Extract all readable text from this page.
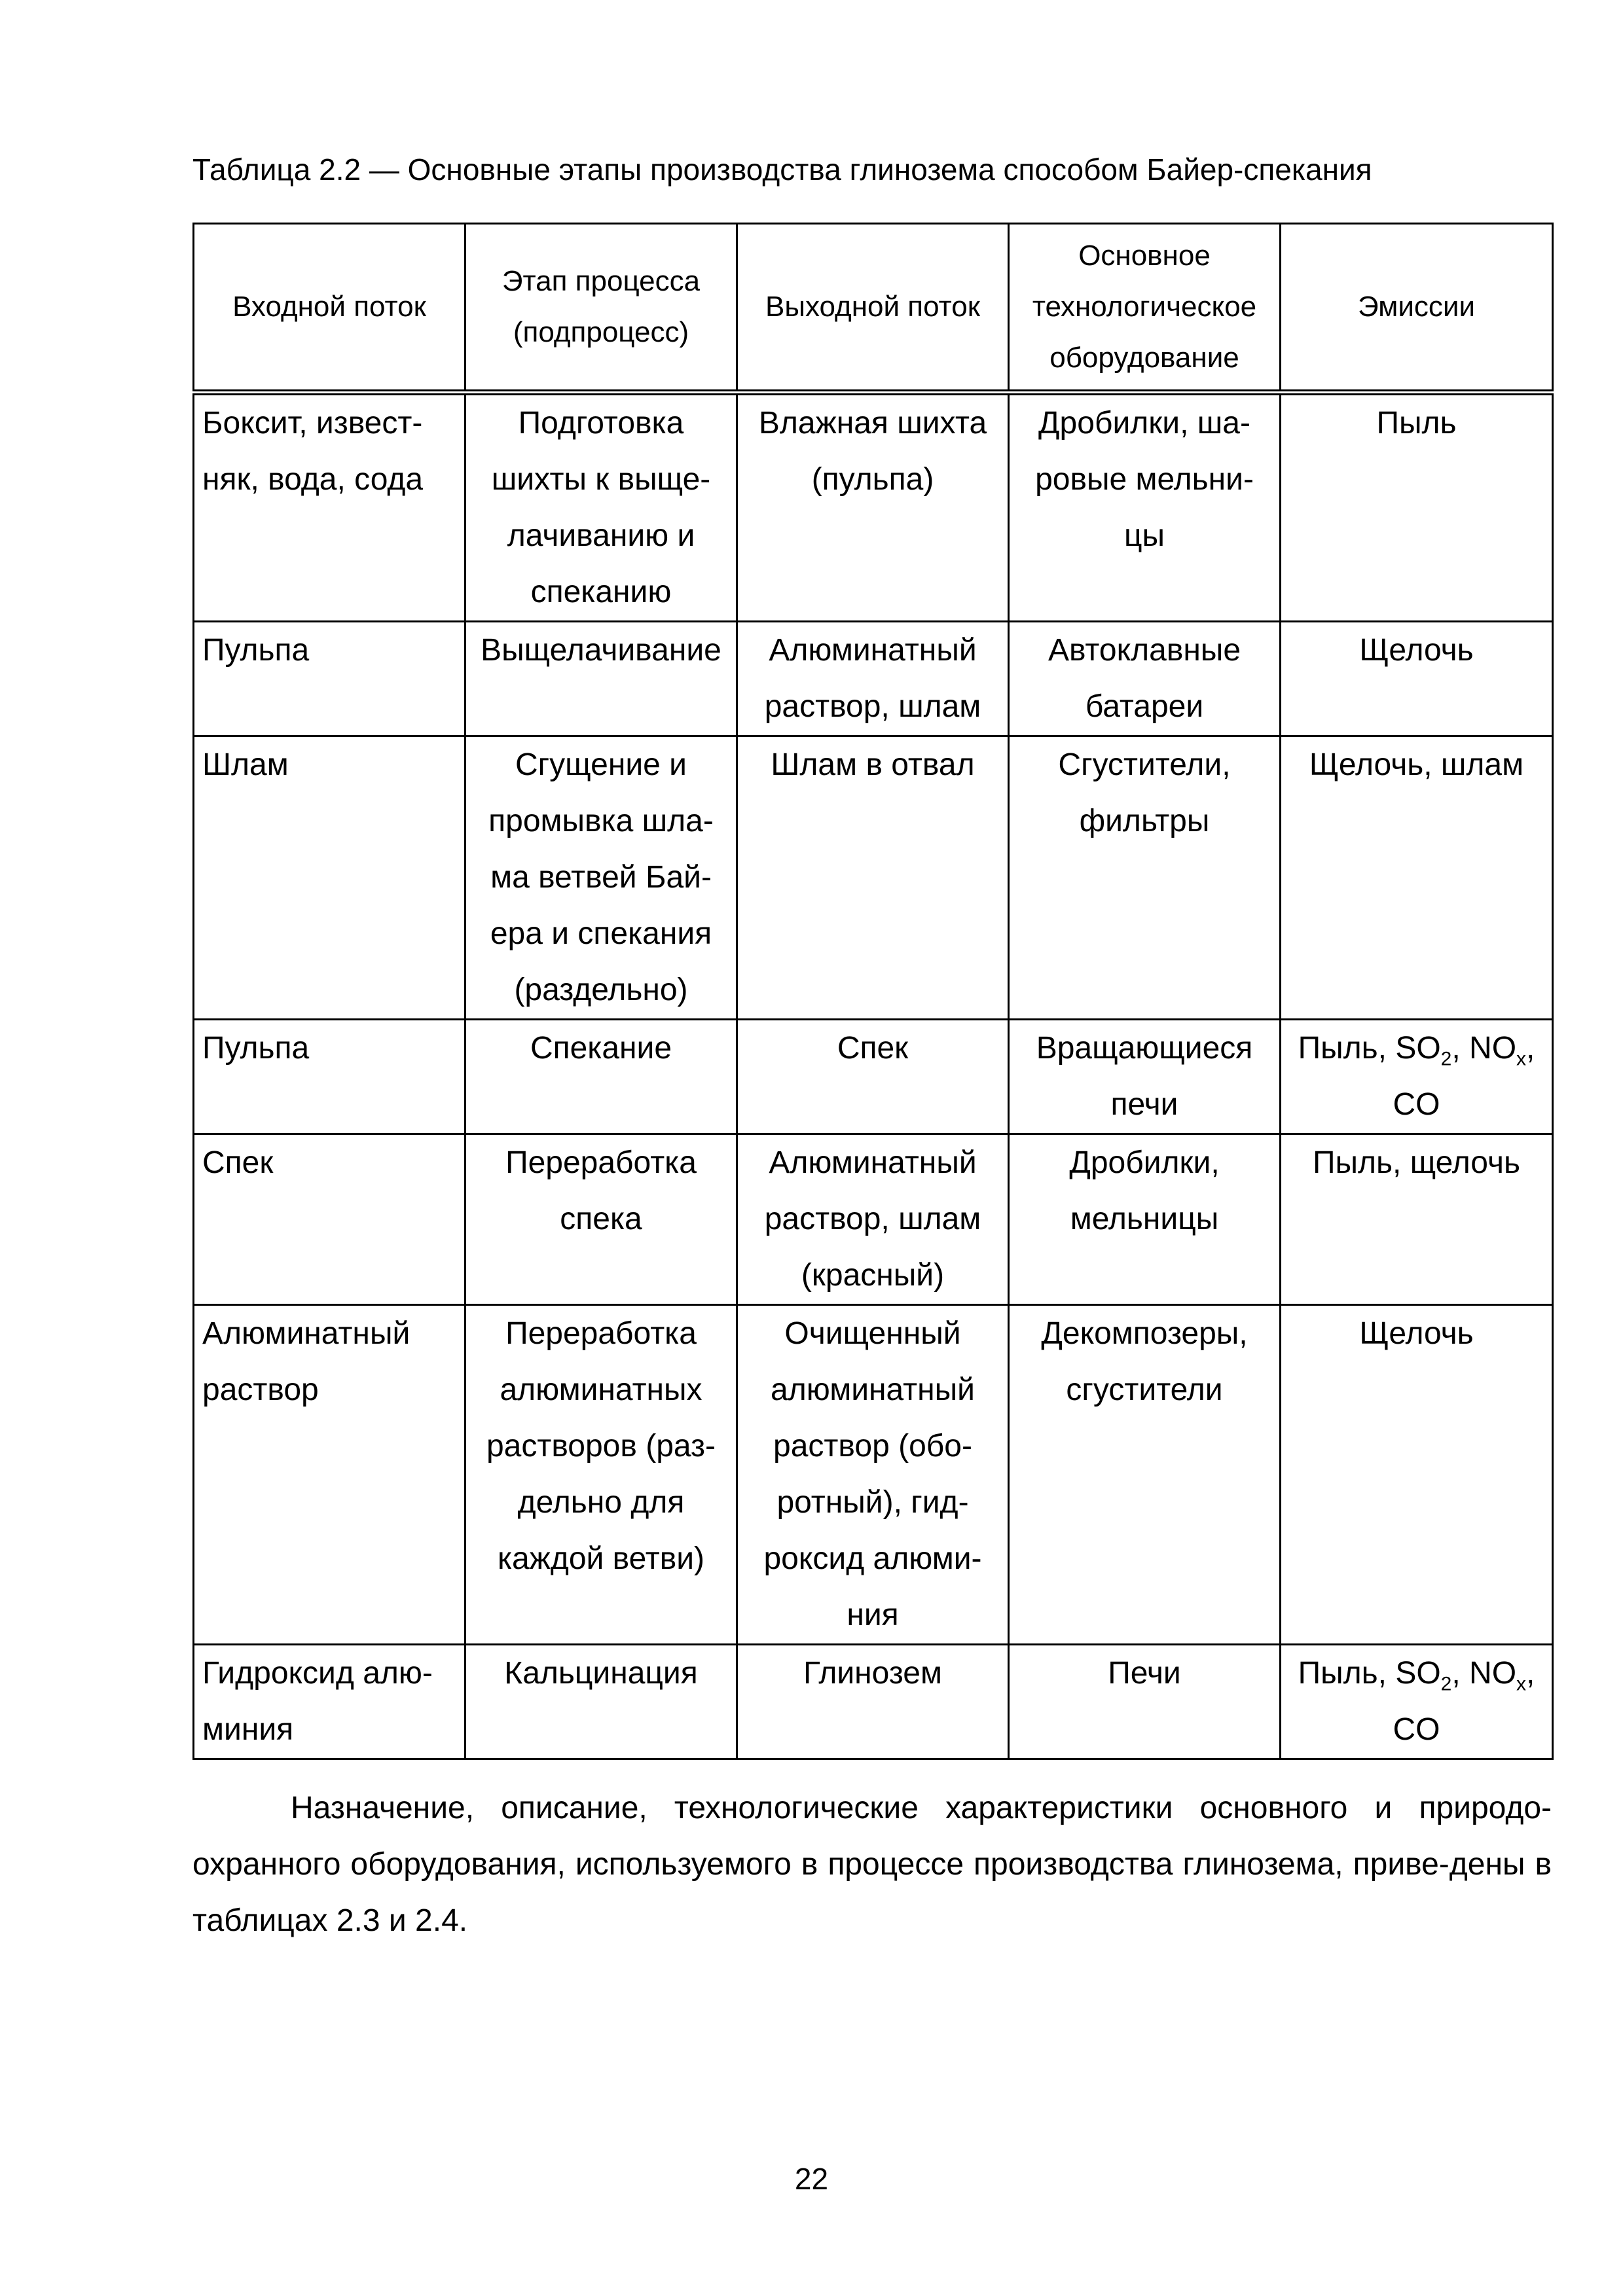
Таблица 2.2 — Основные этапы производства глинозема способом Байер-спекания
Входной поток	Этап процесса (подпроцесс)	Выходной поток	Основное технологическое оборудование	Эмиссии
Боксит, извест-няк, вода, сода	Подготовка шихты к выще-лачиванию и спеканию	Влажная шихта (пульпа)	Дробилки, ша-ровые мельни-цы	Пыль
Пульпа	Выщелачивание	Алюминатный раствор, шлам	Автоклавные батареи	Щелочь
Шлам	Сгущение и промывка шла-ма ветвей Бай-ера и спекания (раздельно)	Шлам в отвал	Сгустители, фильтры	Щелочь, шлам
Пульпа	Спекание	Спек	Вращающиеся печи	Пыль, $SO_2$, $NO_x$, CO
Спек	Переработка спека	Алюминатный раствор, шлам (красный)	Дробилки, мельницы	Пыль, щелочь
Алюминатный раствор	Переработка алюминатных растворов (раз-дельно для каждой ветви)	Очищенный алюминатный раствор (обо-ротный), гид-роксид алюми-ния	Декомпозеры, сгустители	Щелочь
Гидроксид алю-миния	Кальцинация	Глинозем	Печи	Пыль, $SO_2$, $NO_x$, CO
Назначение, описание, технологические характеристики основного и природо-охранного оборудования, используемого в процессе производства глинозема, приве-дены в таблицах 2.3 и 2.4.
22
